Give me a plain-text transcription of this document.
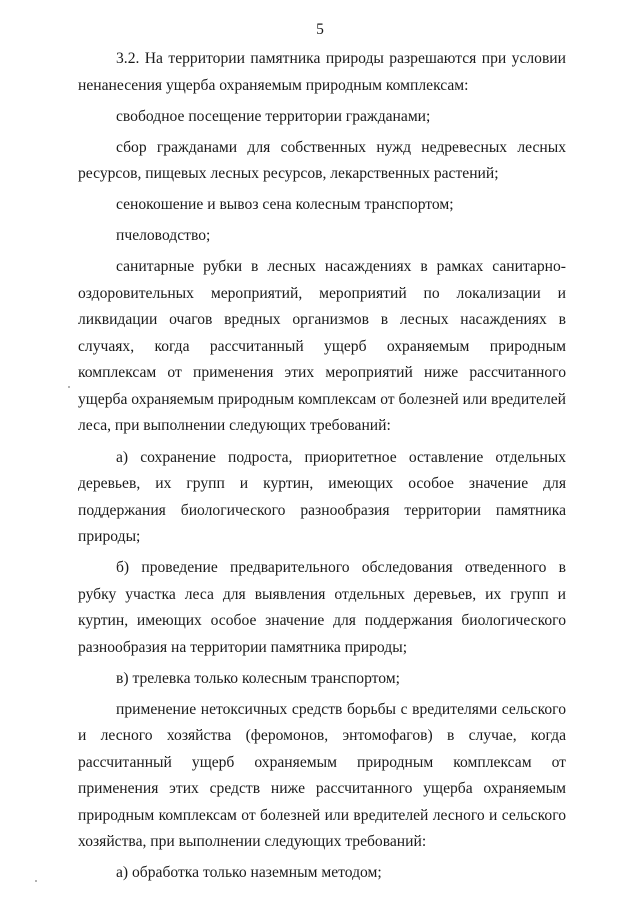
5

3.2. На территории памятника природы разрешаются при условии ненанесения ущерба охраняемым природным комплексам:

свободное посещение территории гражданами;

сбор гражданами для собственных нужд недревесных лесных ресурсов, пищевых лесных ресурсов, лекарственных растений;

сенокошение и вывоз сена колесным транспортом;

пчеловодство;

санитарные рубки в лесных насаждениях в рамках санитарно-оздоровительных мероприятий, мероприятий по локализации и ликвидации очагов вредных организмов в лесных насаждениях в случаях, когда рассчитанный ущерб охраняемым природным комплексам от применения этих мероприятий ниже рассчитанного ущерба охраняемым природным комплексам от болезней или вредителей леса, при выполнении следующих требований:

а) сохранение подроста, приоритетное оставление отдельных деревьев, их групп и куртин, имеющих особое значение для поддержания биологического разнообразия территории памятника природы;

б) проведение предварительного обследования отведенного в рубку участка леса для выявления отдельных деревьев, их групп и куртин, имеющих особое значение для поддержания биологического разнообразия на территории памятника природы;

в) трелевка только колесным транспортом;

применение нетоксичных средств борьбы с вредителями сельского и лесного хозяйства (феромонов, энтомофагов) в случае, когда рассчитанный ущерб охраняемым природным комплексам от применения этих средств ниже рассчитанного ущерба охраняемым природным комплексам от болезней или вредителей лесного и сельского хозяйства, при выполнении следующих требований:

а) обработка только наземным методом;
